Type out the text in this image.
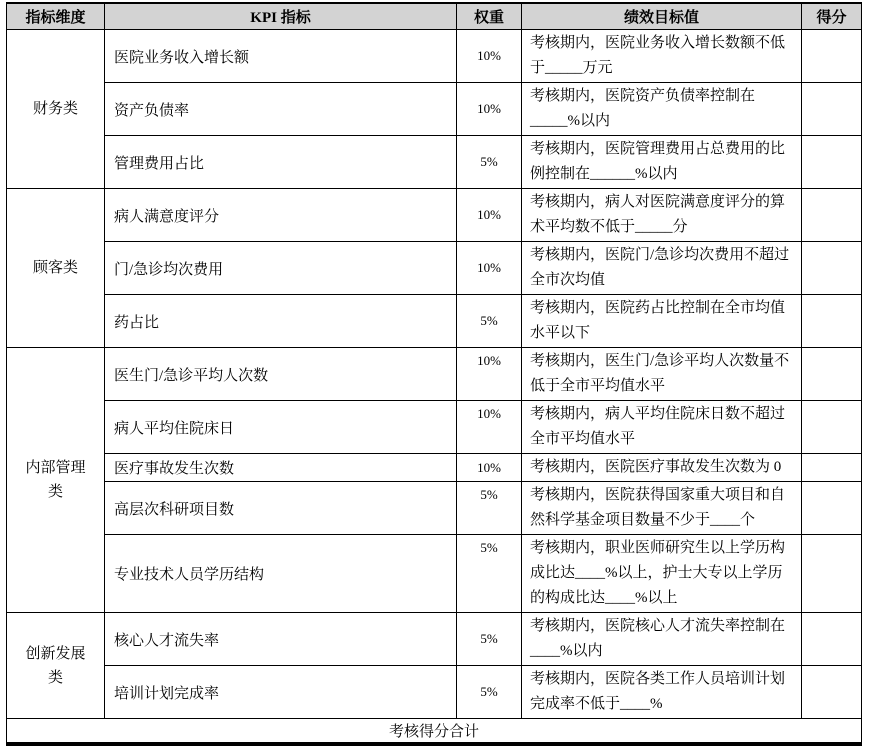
指标维度	KPI 指标	权重	绩效目标值	得分
财务类	医院业务收入增长额	10%	考核期内，医院业务收入增长数额不低于_____万元	
	资产负债率	10%	考核期内，医院资产负债率控制在_____%以内	
	管理费用占比	5%	考核期内，医院管理费用占总费用的比例控制在______%以内	
顾客类	病人满意度评分	10%	考核期内，病人对医院满意度评分的算术平均数不低于_____分	
	门/急诊均次费用	10%	考核期内，医院门/急诊均次费用不超过全市次均值	
	药占比	5%	考核期内，医院药占比控制在全市均值水平以下	
内部管理类	医生门/急诊平均人次数	10%	考核期内，医生门/急诊平均人次数量不低于全市平均值水平	
	病人平均住院床日	10%	考核期内，病人平均住院床日数不超过全市平均值水平	
	医疗事故发生次数	10%	考核期内，医院医疗事故发生次数为 0	
	高层次科研项目数	5%	考核期内，医院获得国家重大项目和自然科学基金项目数量不少于____个	
	专业技术人员学历结构	5%	考核期内，职业医师研究生以上学历构成比达____%以上，护士大专以上学历的构成比达____%以上	
创新发展类	核心人才流失率	5%	考核期内，医院核心人才流失率控制在____%以内	
	培训计划完成率	5%	考核期内，医院各类工作人员培训计划完成率不低于____%	
考核得分合计				
